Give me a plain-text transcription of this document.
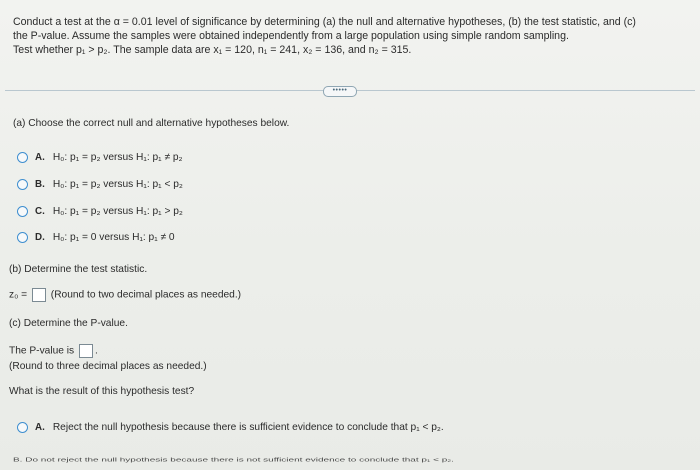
Conduct a test at the α = 0.01 level of significance by determining (a) the null and alternative hypotheses, (b) the test statistic, and (c)

the P-value. Assume the samples were obtained independently from a large population using simple random sampling.

Test whether p₁ > p₂. The sample data are x₁ = 120, n₁ = 241, x₂ = 136, and n₂ = 315.

•••••
(a) Choose the correct null and alternative hypotheses below.
A. H₀: p₁ = p₂ versus H₁: p₁ ≠ p₂
B. H₀: p₁ = p₂ versus H₁: p₁ < p₂
C. H₀: p₁ = p₂ versus H₁: p₁ > p₂
D. H₀: p₁ = 0 versus H₁: p₁ ≠ 0
(b) Determine the test statistic.
z₀ = (Round to two decimal places as needed.)
(c) Determine the P-value.
The P-value is .
(Round to three decimal places as needed.)
What is the result of this hypothesis test?
A. Reject the null hypothesis because there is sufficient evidence to conclude that p₁ < p₂.
B. Do not reject the null hypothesis because there is not sufficient evidence to conclude that p₁ < p₂.
